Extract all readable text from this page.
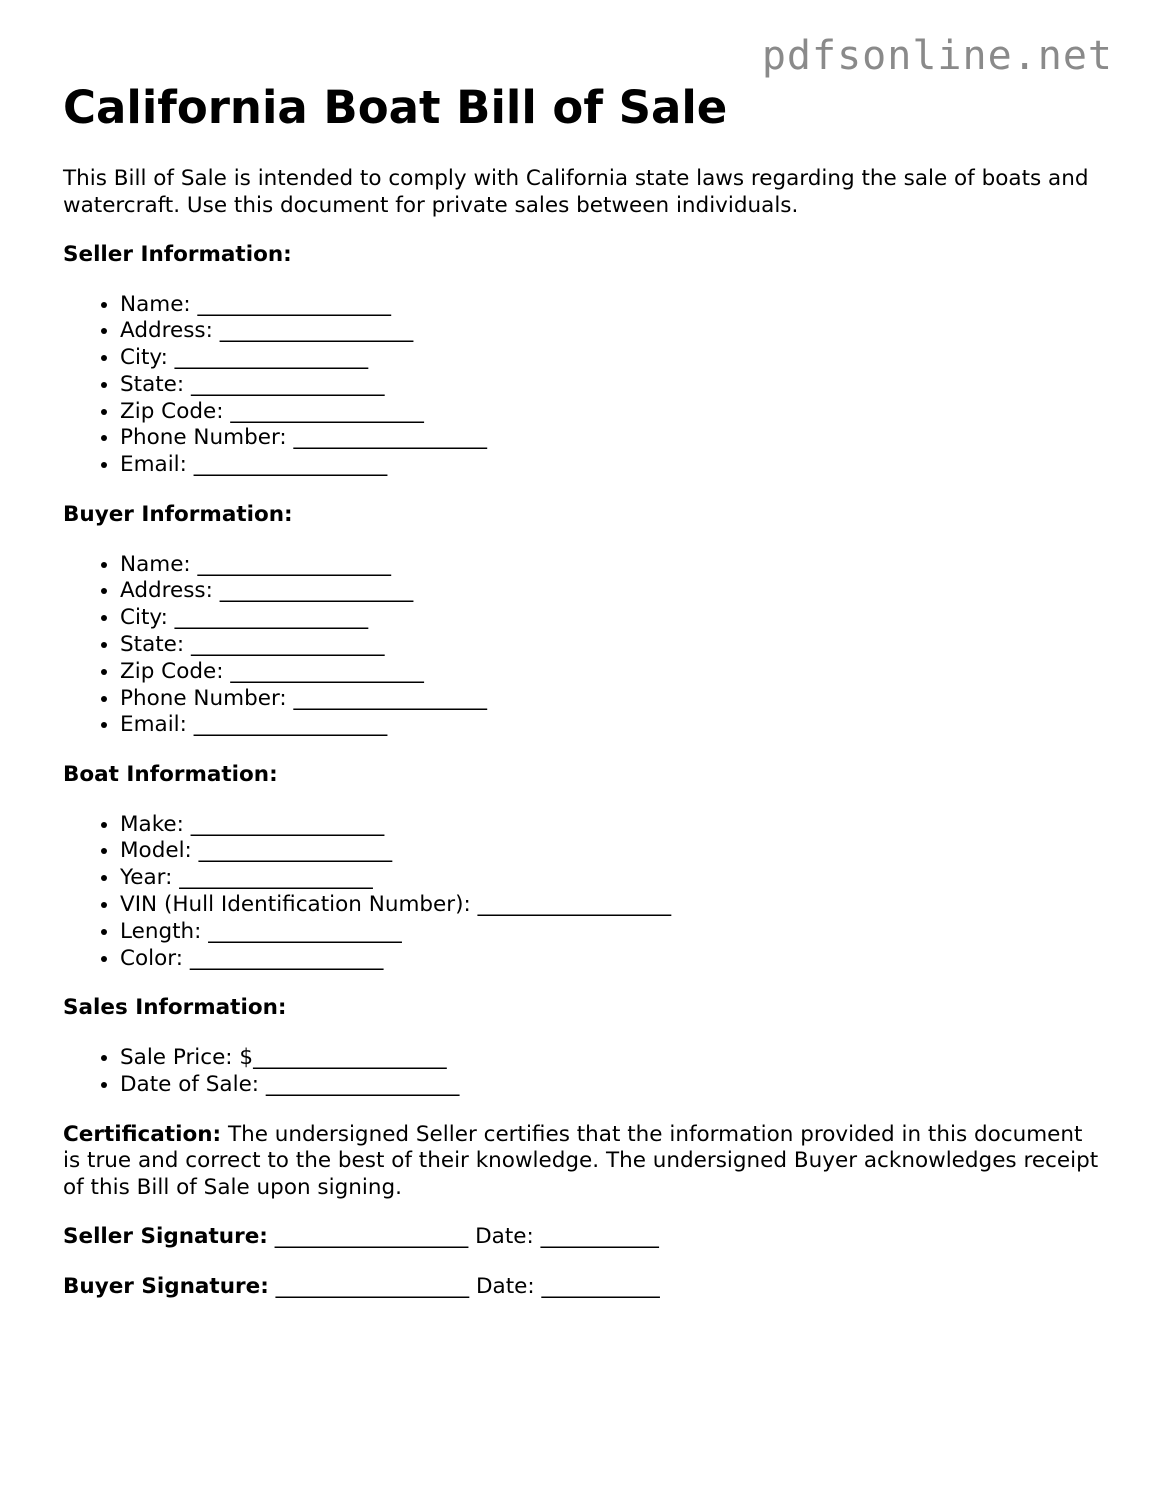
pdfsonline.net
California Boat Bill of Sale

This Bill of Sale is intended to comply with California state laws regarding the sale of boats and watercraft. Use this document for private sales between individuals.

Seller Information:

• Name: __________________
• Address: __________________
• City: __________________
• State: __________________
• Zip Code: __________________
• Phone Number: __________________
• Email: __________________

Buyer Information:

• Name: __________________
• Address: __________________
• City: __________________
• State: __________________
• Zip Code: __________________
• Phone Number: __________________
• Email: __________________

Boat Information:

• Make: __________________
• Model: __________________
• Year: __________________
• VIN (Hull Identification Number): __________________
• Length: __________________
• Color: __________________

Sales Information:

• Sale Price: $__________________
• Date of Sale: __________________

Certification: The undersigned Seller certifies that the information provided in this document is true and correct to the best of their knowledge. The undersigned Buyer acknowledges receipt of this Bill of Sale upon signing.

Seller Signature: __________________ Date: ___________

Buyer Signature: __________________ Date: ___________
